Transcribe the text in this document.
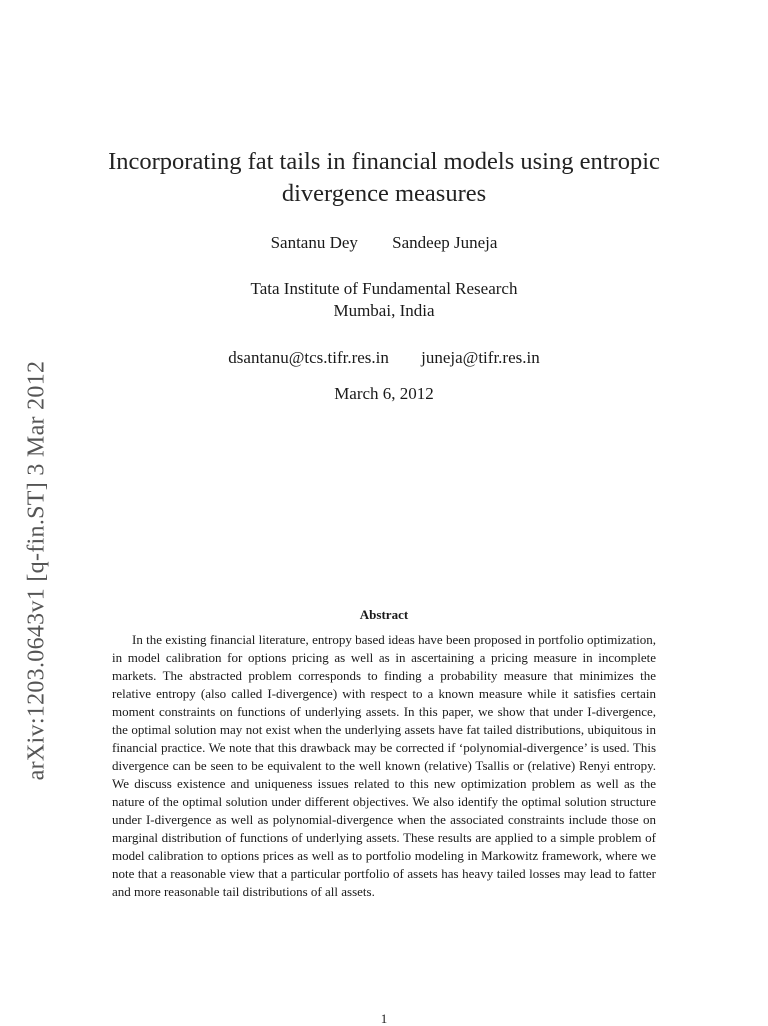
arXiv:1203.0643v1 [q-fin.ST] 3 Mar 2012
Incorporating fat tails in financial models using entropic
divergence measures
Santanu Dey Sandeep Juneja
Tata Institute of Fundamental Research
Mumbai, India
dsantanu@tcs.tifr.res.in juneja@tifr.res.in
March 6, 2012
Abstract

In the existing financial literature, entropy based ideas have been proposed in portfolio optimization, in model calibration for options pricing as well as in ascertaining a pricing measure in incomplete markets. The abstracted problem corresponds to finding a probability measure that minimizes the relative entropy (also called I-divergence) with respect to a known measure while it satisfies certain moment constraints on functions of underlying assets. In this paper, we show that under I-divergence, the optimal solution may not exist when the underlying assets have fat tailed distributions, ubiquitous in financial practice. We note that this drawback may be corrected if ‘polynomial-divergence’ is used. This divergence can be seen to be equivalent to the well known (relative) Tsallis or (relative) Renyi entropy. We discuss existence and uniqueness issues related to this new optimization problem as well as the nature of the optimal solution under different objectives. We also identify the optimal solution structure under I-divergence as well as polynomial-divergence when the associated constraints include those on marginal distribution of functions of underlying assets. These results are applied to a simple problem of model calibration to options prices as well as to portfolio modeling in Markowitz framework, where we note that a reasonable view that a particular portfolio of assets has heavy tailed losses may lead to fatter and more reasonable tail distributions of all assets.

1
